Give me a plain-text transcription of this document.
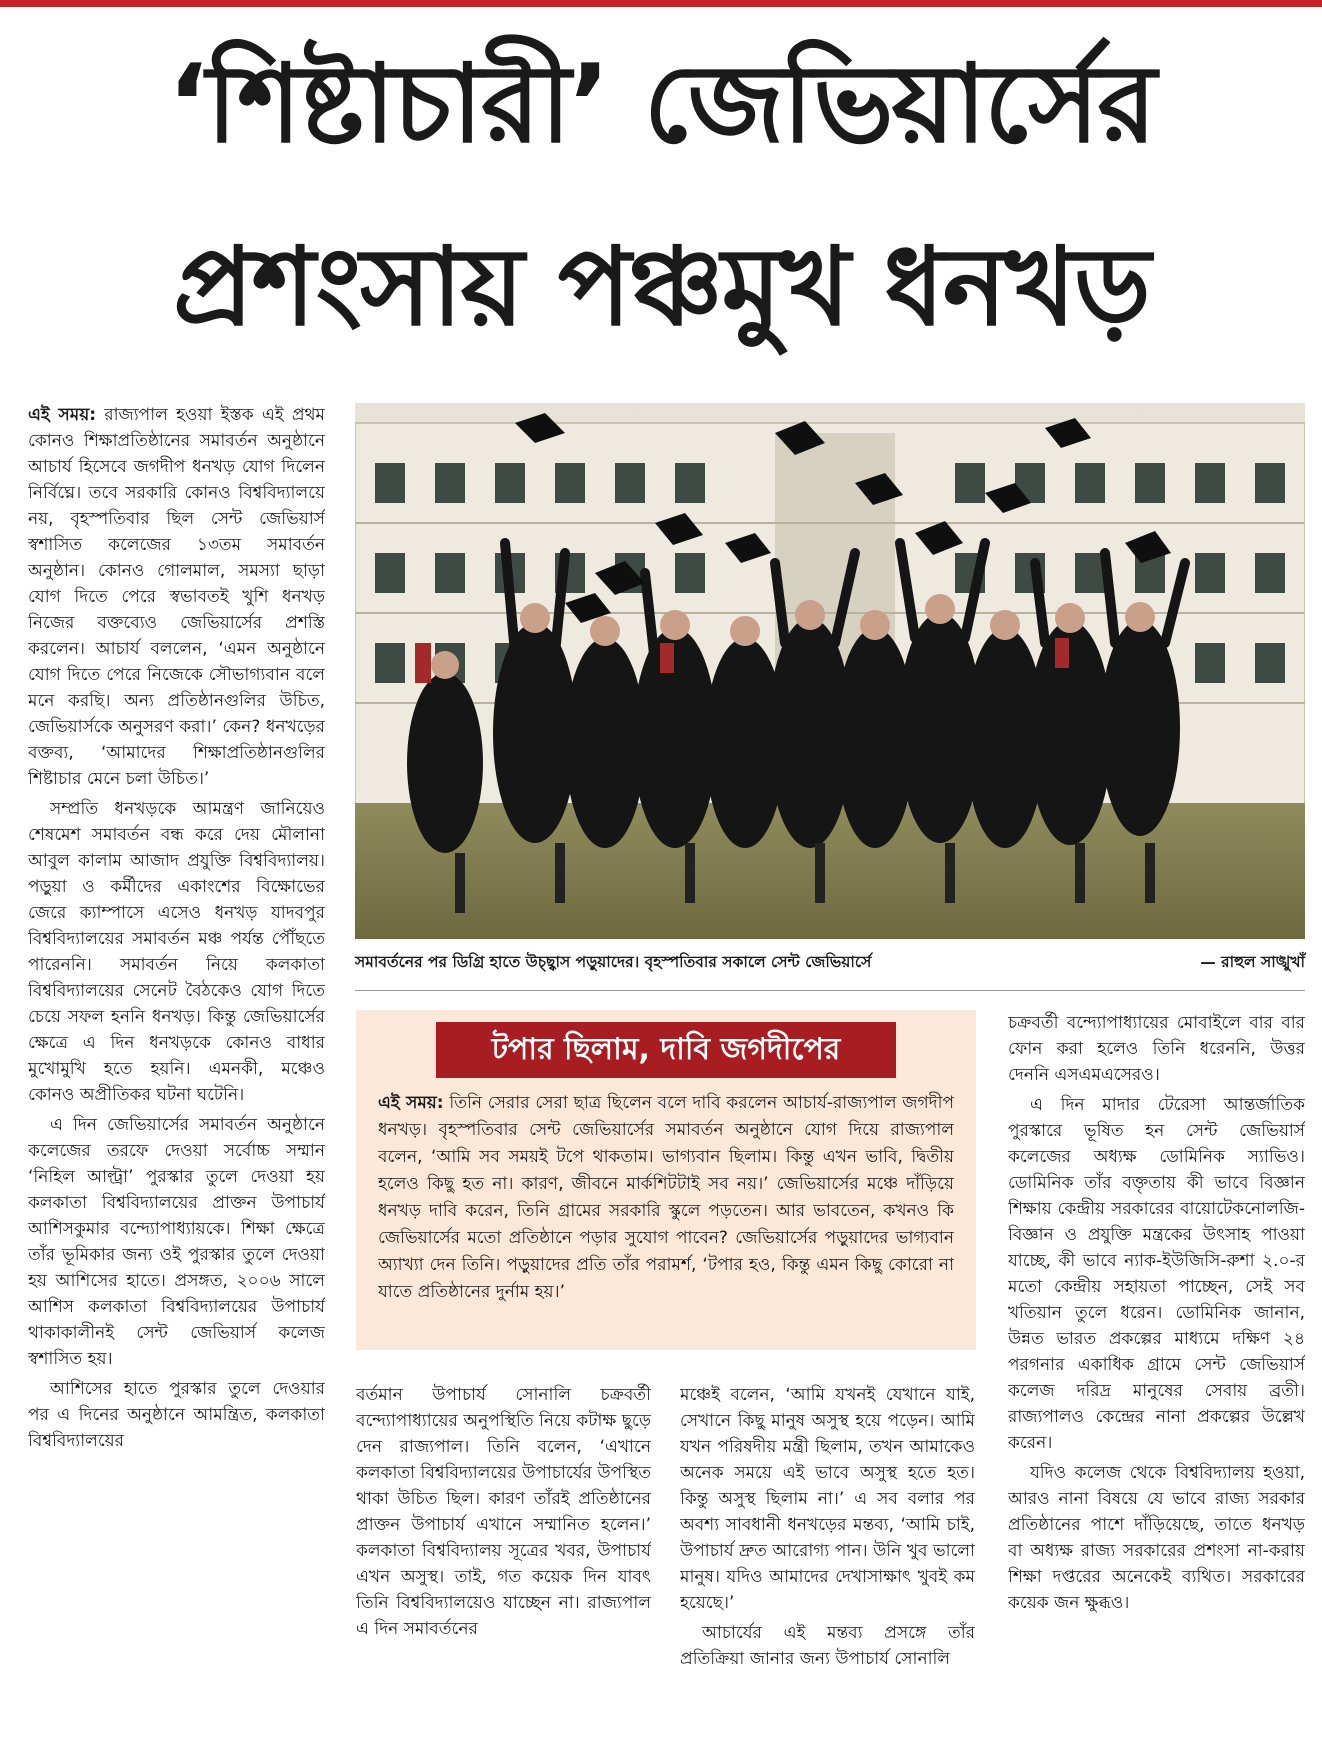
‘শিষ্টাচারী’ জেভিয়ার্সের
প্রশংসায় পঞ্চমুখ ধনখড়

এই সময়: রাজ্যপাল হওয়া ইস্তক এই প্রথম কোনও শিক্ষাপ্রতিষ্ঠানের সমাবর্তন অনুষ্ঠানে আচার্য হিসেবে জগদীপ ধনখড় যোগ দিলেন নির্বিঘ্নে। তবে সরকারি কোনও বিশ্ববিদ্যালয়ে নয়, বৃহস্পতিবার ছিল সেন্ট জেভিয়ার্স স্বশাসিত কলেজের ১৩তম সমাবর্তন অনুষ্ঠান। কোনও গোলমাল, সমস্যা ছাড়া যোগ দিতে পেরে স্বভাবতই খুশি ধনখড় নিজের বক্তব্যেও জেভিয়ার্সের প্রশস্তি করলেন। আচার্য বললেন, ‘এমন অনুষ্ঠানে যোগ দিতে পেরে নিজেকে সৌভাগ্যবান বলে মনে করছি। অন্য প্রতিষ্ঠানগুলির উচিত, জেভিয়ার্সকে অনুসরণ করা।’ কেন? ধনখড়ের বক্তব্য, ‘আমাদের শিক্ষাপ্রতিষ্ঠানগুলির শিষ্টাচার মেনে চলা উচিত।’

সম্প্রতি ধনখড়কে আমন্ত্রণ জানিয়েও শেষমেশ সমাবর্তন বন্ধ করে দেয় মৌলানা আবুল কালাম আজাদ প্রযুক্তি বিশ্ববিদ্যালয়। পড়ুয়া ও কর্মীদের একাংশের বিক্ষোভের জেরে ক্যাম্পাসে এসেও ধনখড় যাদবপুর বিশ্ববিদ্যালয়ের সমাবর্তন মঞ্চ পর্যন্ত পৌঁছতে পারেননি। সমাবর্তন নিয়ে কলকাতা বিশ্ববিদ্যালয়ের সেনেট বৈঠকেও যোগ দিতে চেয়ে সফল হননি ধনখড়। কিন্তু জেভিয়ার্সের ক্ষেত্রে এ দিন ধনখড়কে কোনও বাধার মুখোমুখি হতে হয়নি। এমনকী, মঞ্চেও কোনও অপ্রীতিকর ঘটনা ঘটেনি।

এ দিন জেভিয়ার্সের সমাবর্তন অনুষ্ঠানে কলেজের তরফে দেওয়া সর্বোচ্চ সম্মান ‘নিহিল আল্ট্রা’ পুরস্কার তুলে দেওয়া হয় কলকাতা বিশ্ববিদ্যালয়ের প্রাক্তন উপাচার্য আশিসকুমার বন্দ্যোপাধ্যায়কে। শিক্ষা ক্ষেত্রে তাঁর ভূমিকার জন্য ওই পুরস্কার তুলে দেওয়া হয় আশিসের হাতে। প্রসঙ্গত, ২০০৬ সালে আশিস কলকাতা বিশ্ববিদ্যালয়ের উপাচার্য থাকাকালীনই সেন্ট জেভিয়ার্স কলেজ স্বশাসিত হয়।

আশিসের হাতে পুরস্কার তুলে দেওয়ার পর এ দিনের অনুষ্ঠানে আমন্ত্রিত, কলকাতা বিশ্ববিদ্যালয়ের

সমাবর্তনের পর ডিগ্রি হাতে উচ্ছ্বাস পড়ুয়াদের। বৃহস্পতিবার সকালে সেন্ট জেভিয়ার্সে	— রাহুল সাঙ্খুখাঁ
টপার ছিলাম, দাবি জগদীপের
এই সময়: তিনি সেরার সেরা ছাত্র ছিলেন বলে দাবি করলেন আচার্য-রাজ্যপাল জগদীপ ধনখড়। বৃহস্পতিবার সেন্ট জেভিয়ার্সের সমাবর্তন অনুষ্ঠানে যোগ দিয়ে রাজ্যপাল বলেন, ‘আমি সব সময়ই টপে থাকতাম। ভাগ্যবান ছিলাম। কিন্তু এখন ভাবি, দ্বিতীয় হলেও কিছু হত না। কারণ, জীবনে মার্কশিটটাই সব নয়।’ জেভিয়ার্সের মঞ্চে দাঁড়িয়ে ধনখড় দাবি করেন, তিনি গ্রামের সরকারি স্কুলে পড়তেন। আর ভাবতেন, কখনও কি জেভিয়ার্সের মতো প্রতিষ্ঠানে পড়ার সুযোগ পাবেন? জেভিয়ার্সের পড়ুয়াদের ভাগ্যবান অ্যাখ্যা দেন তিনি। পড়ুয়াদের প্রতি তাঁর পরামর্শ, ‘টপার হও, কিন্তু এমন কিছু কোরো না যাতে প্রতিষ্ঠানের দুর্নাম হয়।’

বর্তমান উপাচার্য সোনালি চক্রবর্তী বন্দ্যোপাধ্যায়ের অনুপস্থিতি নিয়ে কটাক্ষ ছুড়ে দেন রাজ্যপাল। তিনি বলেন, ‘এখানে কলকাতা বিশ্ববিদ্যালয়ের উপাচার্যের উপস্থিত থাকা উচিত ছিল। কারণ তাঁরই প্রতিষ্ঠানের প্রাক্তন উপাচার্য এখানে সম্মানিত হলেন।’ কলকাতা বিশ্ববিদ্যালয় সূত্রের খবর, উপাচার্য এখন অসুস্থ। তাই, গত কয়েক দিন যাবৎ তিনি বিশ্ববিদ্যালয়েও যাচ্ছেন না। রাজ্যপাল এ দিন সমাবর্তনের

মঞ্চেই বলেন, ‘আমি যখনই যেখানে যাই, সেখানে কিছু মানুষ অসুস্থ হয়ে পড়েন। আমি যখন পরিষদীয় মন্ত্রী ছিলাম, তখন আমাকেও অনেক সময়ে এই ভাবে অসুস্থ হতে হত। কিন্তু অসুস্থ ছিলাম না।’ এ সব বলার পর অবশ্য সাবধানী ধনখড়ের মন্তব্য, ‘আমি চাই, উপাচার্য দ্রুত আরোগ্য পান। উনি খুব ভালো মানুষ। যদিও আমাদের দেখাসাক্ষাৎ খুবই কম হয়েছে।’

আচার্যের এই মন্তব্য প্রসঙ্গে তাঁর প্রতিক্রিয়া জানার জন্য উপাচার্য সোনালি

চক্রবর্তী বন্দ্যোপাধ্যায়ের মোবাইলে বার বার ফোন করা হলেও তিনি ধরেননি, উত্তর দেননি এসএমএসেরও।

এ দিন মাদার টেরেসা আন্তর্জাতিক পুরস্কারে ভূষিত হন সেন্ট জেভিয়ার্স কলেজের অধ্যক্ষ ডোমিনিক স্যাভিও। ডোমিনিক তাঁর বক্তৃতায় কী ভাবে বিজ্ঞান শিক্ষায় কেন্দ্রীয় সরকারের বায়োটেকনোলজি-বিজ্ঞান ও প্রযুক্তি মন্ত্রকের উৎসাহ পাওয়া যাচ্ছে, কী ভাবে ন্যাক-ইউজিসি-রুশা ২.০-র মতো কেন্দ্রীয় সহায়তা পাচ্ছেন, সেই সব খতিয়ান তুলে ধরেন। ডোমিনিক জানান, উন্নত ভারত প্রকল্পের মাধ্যমে দক্ষিণ ২৪ পরগনার একাধিক গ্রামে সেন্ট জেভিয়ার্স কলেজ দরিদ্র মানুষের সেবায় ব্রতী। রাজ্যপালও কেন্দ্রের নানা প্রকল্পের উল্লেখ করেন।

যদিও কলেজ থেকে বিশ্ববিদ্যালয় হওয়া, আরও নানা বিষয়ে যে ভাবে রাজ্য সরকার প্রতিষ্ঠানের পাশে দাঁড়িয়েছে, তাতে ধনখড় বা অধ্যক্ষ রাজ্য সরকারের প্রশংসা না-করায় শিক্ষা দপ্তরের অনেকেই ব্যথিত। সরকারের কয়েক জন ক্ষুব্ধও।
